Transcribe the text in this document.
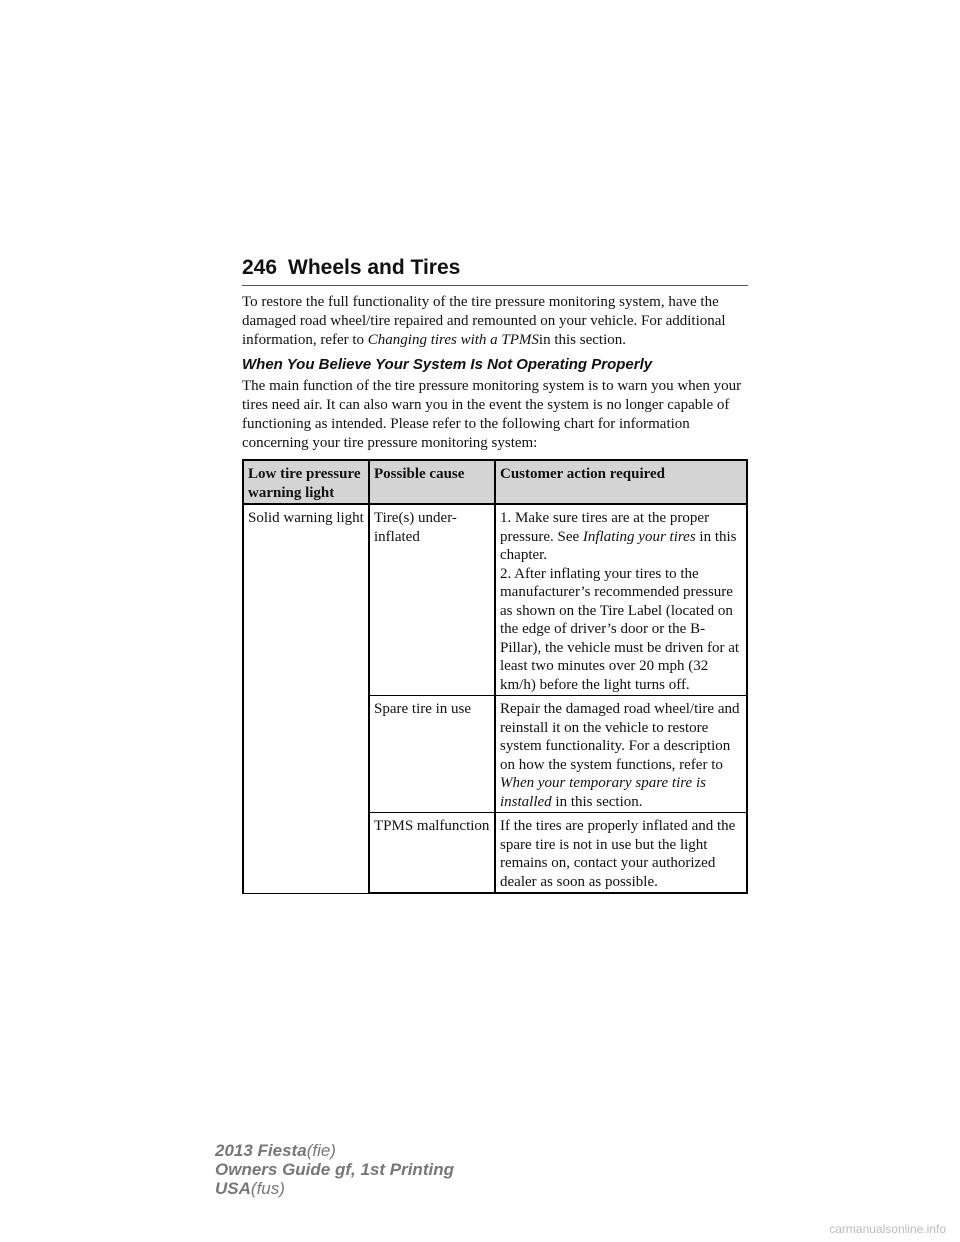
246 Wheels and Tires

To restore the full functionality of the tire pressure monitoring system, have the damaged road wheel/tire repaired and remounted on your vehicle. For additional information, refer to Changing tires with a TPMSin this section.

When You Believe Your System Is Not Operating Properly

The main function of the tire pressure monitoring system is to warn you when your tires need air. It can also warn you in the event the system is no longer capable of functioning as intended. Please refer to the following chart for information concerning your tire pressure monitoring system:

Low tire pressure warning light	Possible cause	Customer action required
Solid warning light	Tire(s) under-inflated	1. Make sure tires are at the proper pressure. See Inflating your tires in this chapter.
2. After inflating your tires to the manufacturer’s recommended pressure as shown on the Tire Label (located on the edge of driver’s door or the B-Pillar), the vehicle must be driven for at least two minutes over 20 mph (32 km/h) before the light turns off.

	Spare tire in use	Repair the damaged road wheel/tire and reinstall it on the vehicle to restore system functionality. For a description on how the system functions, refer to When your temporary spare tire is installed in this section.
	TPMS malfunction	If the tires are properly inflated and the spare tire is not in use but the light remains on, contact your authorized dealer as soon as possible.
2013 Fiesta(fie)
Owners Guide gf, 1st Printing
USA(fus)
carmanualsonline.info
